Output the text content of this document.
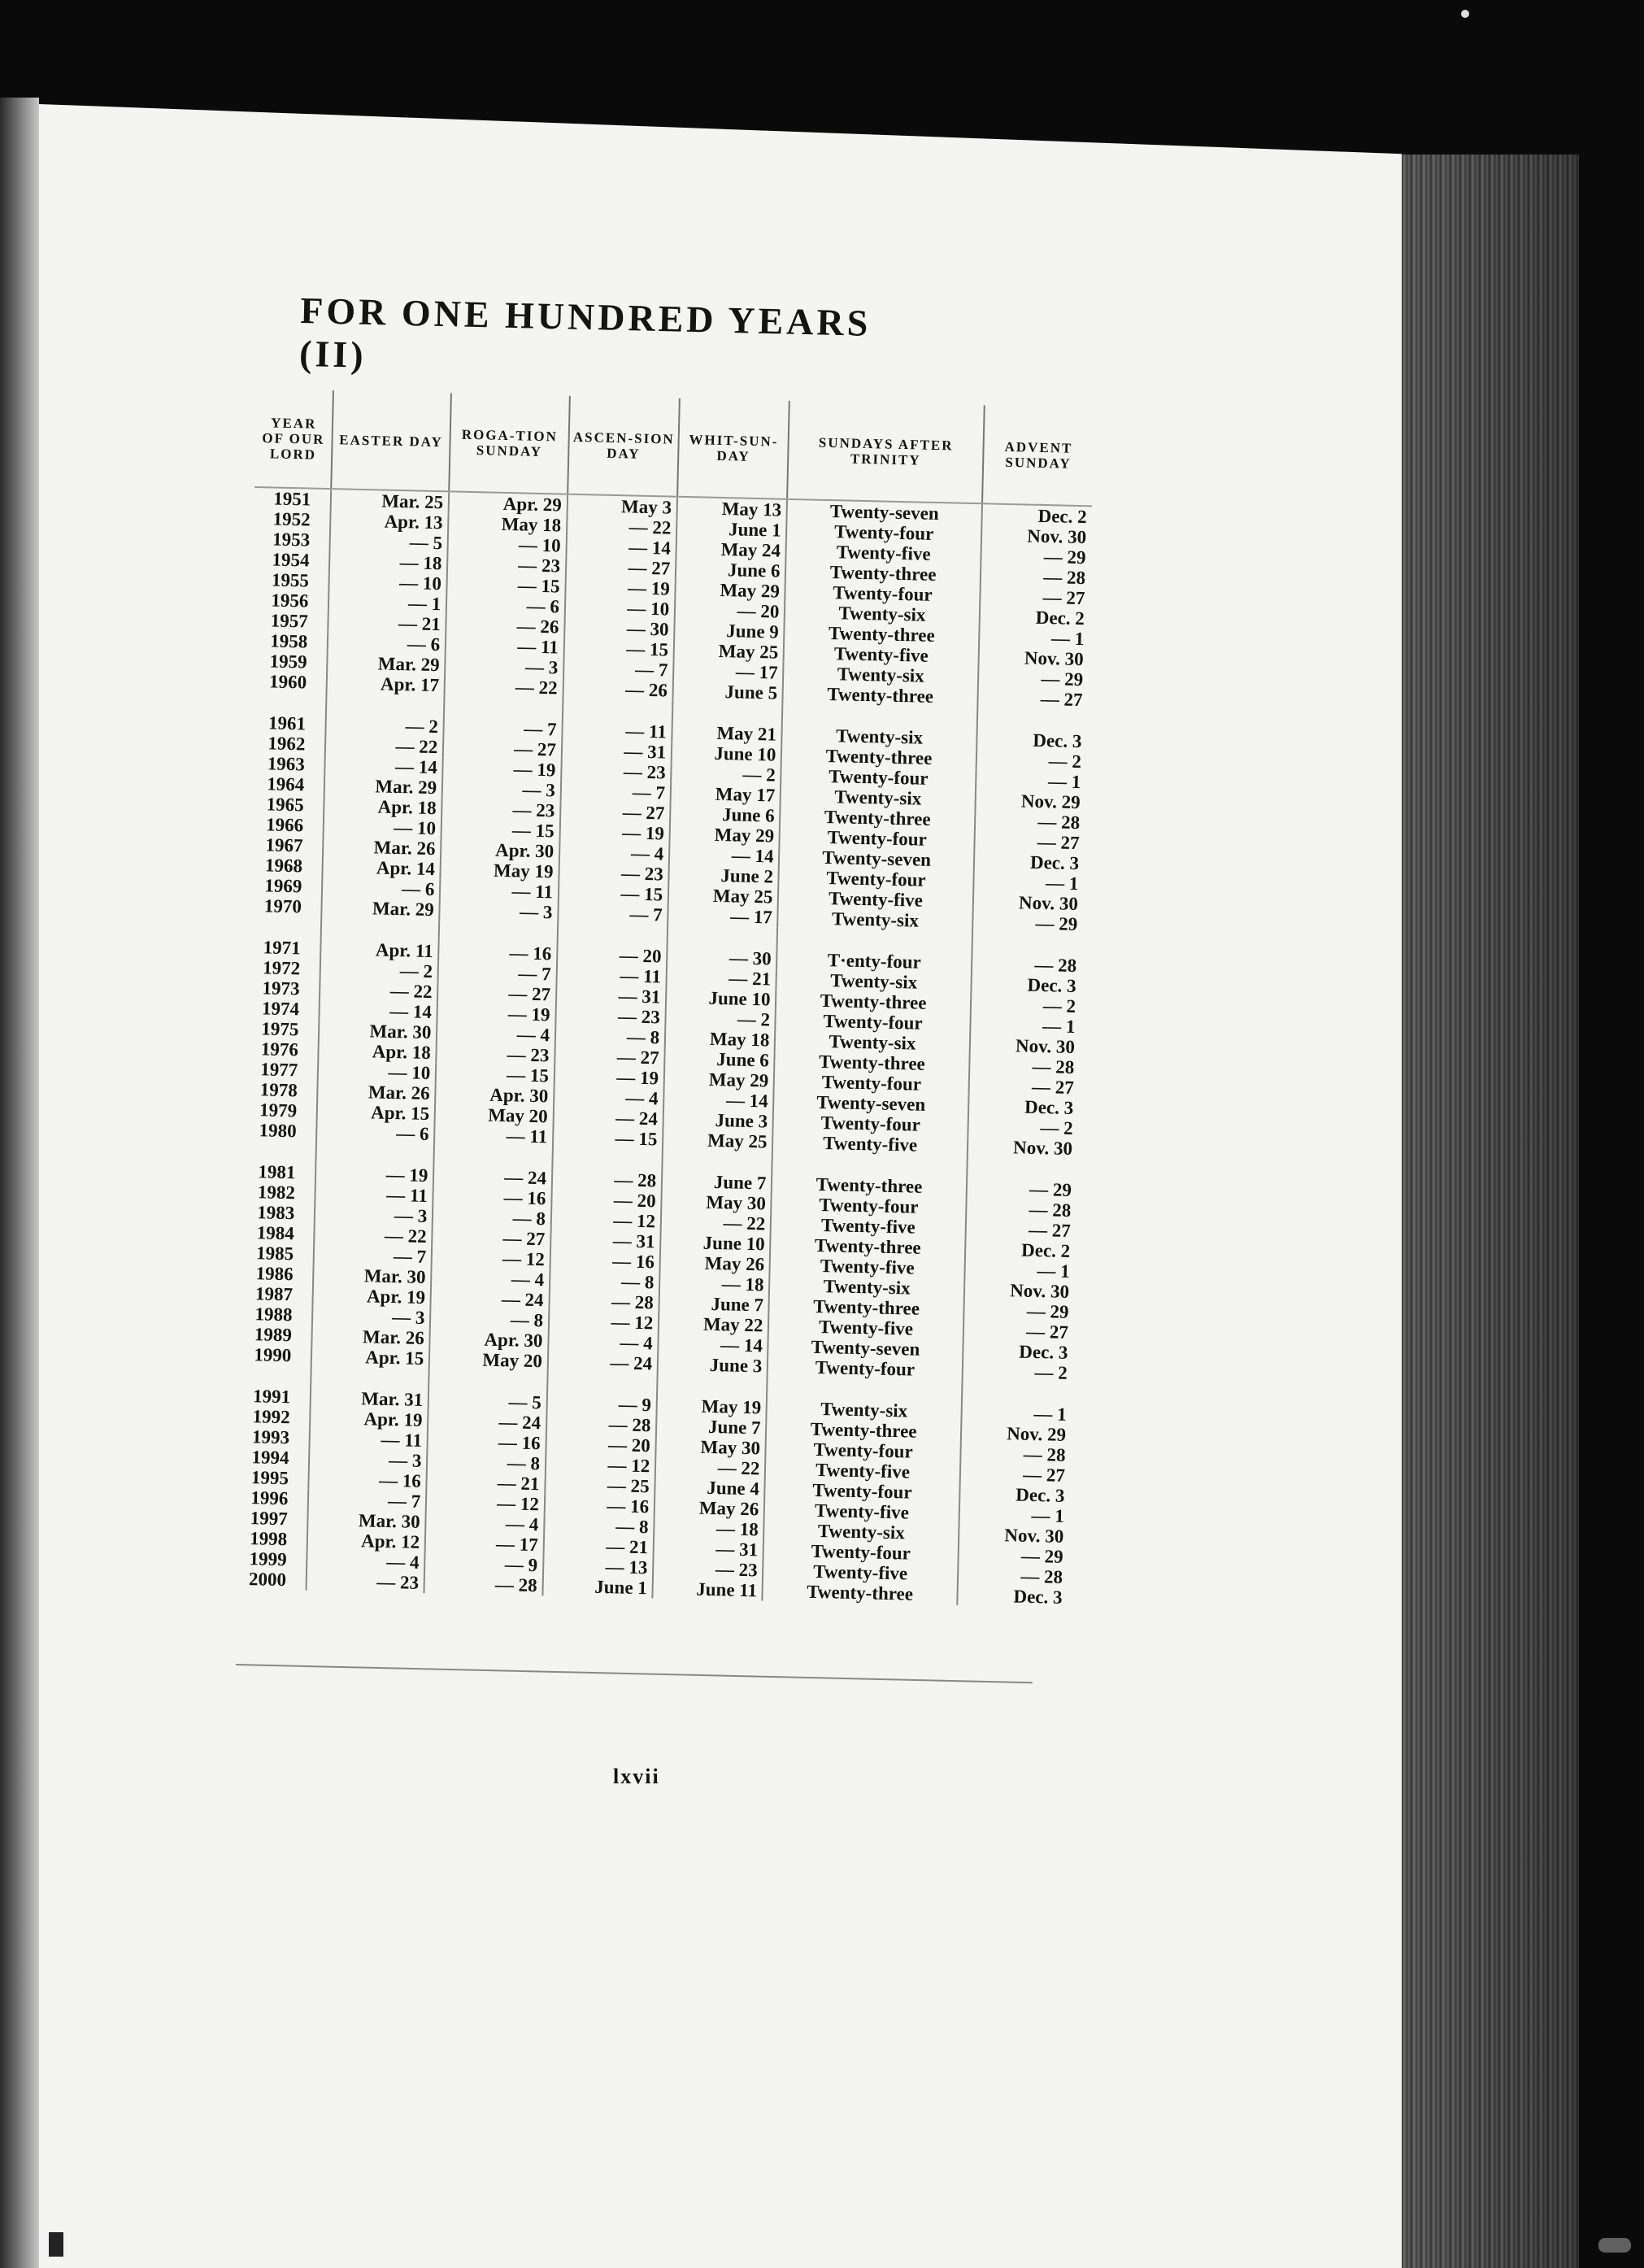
FOR ONE HUNDRED YEARS (II)
YEAR OF OUR LORD	EASTER DAY	ROGA-TION SUNDAY	ASCEN-SION DAY	WHIT-SUN-DAY	SUNDAYS AFTER TRINITY	ADVENT SUNDAY
1951	Mar. 25	Apr. 29	May 3	May 13	Twenty-seven	Dec. 2
1952	Apr. 13	May 18	— 22	June 1	Twenty-four	Nov. 30
1953	— 5	— 10	— 14	May 24	Twenty-five	— 29
1954	— 18	— 23	— 27	June 6	Twenty-three	— 28
1955	— 10	— 15	— 19	May 29	Twenty-four	— 27
1956	— 1	— 6	— 10	— 20	Twenty-six	Dec. 2
1957	— 21	— 26	— 30	June 9	Twenty-three	— 1
1958	— 6	— 11	— 15	May 25	Twenty-five	Nov. 30
1959	Mar. 29	— 3	— 7	— 17	Twenty-six	— 29
1960	Apr. 17	— 22	— 26	June 5	Twenty-three	— 27
1961	— 2	— 7	— 11	May 21	Twenty-six	Dec. 3
1962	— 22	— 27	— 31	June 10	Twenty-three	— 2
1963	— 14	— 19	— 23	— 2	Twenty-four	— 1
1964	Mar. 29	— 3	— 7	May 17	Twenty-six	Nov. 29
1965	Apr. 18	— 23	— 27	June 6	Twenty-three	— 28
1966	— 10	— 15	— 19	May 29	Twenty-four	— 27
1967	Mar. 26	Apr. 30	— 4	— 14	Twenty-seven	Dec. 3
1968	Apr. 14	May 19	— 23	June 2	Twenty-four	— 1
1969	— 6	— 11	— 15	May 25	Twenty-five	Nov. 30
1970	Mar. 29	— 3	— 7	— 17	Twenty-six	— 29
1971	Apr. 11	— 16	— 20	— 30	T·enty-four	— 28
1972	— 2	— 7	— 11	— 21	Twenty-six	Dec. 3
1973	— 22	— 27	— 31	June 10	Twenty-three	— 2
1974	— 14	— 19	— 23	— 2	Twenty-four	— 1
1975	Mar. 30	— 4	— 8	May 18	Twenty-six	Nov. 30
1976	Apr. 18	— 23	— 27	June 6	Twenty-three	— 28
1977	— 10	— 15	— 19	May 29	Twenty-four	— 27
1978	Mar. 26	Apr. 30	— 4	— 14	Twenty-seven	Dec. 3
1979	Apr. 15	May 20	— 24	June 3	Twenty-four	— 2
1980	— 6	— 11	— 15	May 25	Twenty-five	Nov. 30
1981	— 19	— 24	— 28	June 7	Twenty-three	— 29
1982	— 11	— 16	— 20	May 30	Twenty-four	— 28
1983	— 3	— 8	— 12	— 22	Twenty-five	— 27
1984	— 22	— 27	— 31	June 10	Twenty-three	Dec. 2
1985	— 7	— 12	— 16	May 26	Twenty-five	— 1
1986	Mar. 30	— 4	— 8	— 18	Twenty-six	Nov. 30
1987	Apr. 19	— 24	— 28	June 7	Twenty-three	— 29
1988	— 3	— 8	— 12	May 22	Twenty-five	— 27
1989	Mar. 26	Apr. 30	— 4	— 14	Twenty-seven	Dec. 3
1990	Apr. 15	May 20	— 24	June 3	Twenty-four	— 2
1991	Mar. 31	— 5	— 9	May 19	Twenty-six	— 1
1992	Apr. 19	— 24	— 28	June 7	Twenty-three	Nov. 29
1993	— 11	— 16	— 20	May 30	Twenty-four	— 28
1994	— 3	— 8	— 12	— 22	Twenty-five	— 27
1995	— 16	— 21	— 25	June 4	Twenty-four	Dec. 3
1996	— 7	— 12	— 16	May 26	Twenty-five	— 1
1997	Mar. 30	— 4	— 8	— 18	Twenty-six	Nov. 30
1998	Apr. 12	— 17	— 21	— 31	Twenty-four	— 29
1999	— 4	— 9	— 13	— 23	Twenty-five	— 28
2000	— 23	— 28	June 1	June 11	Twenty-three	Dec. 3
lxvii
